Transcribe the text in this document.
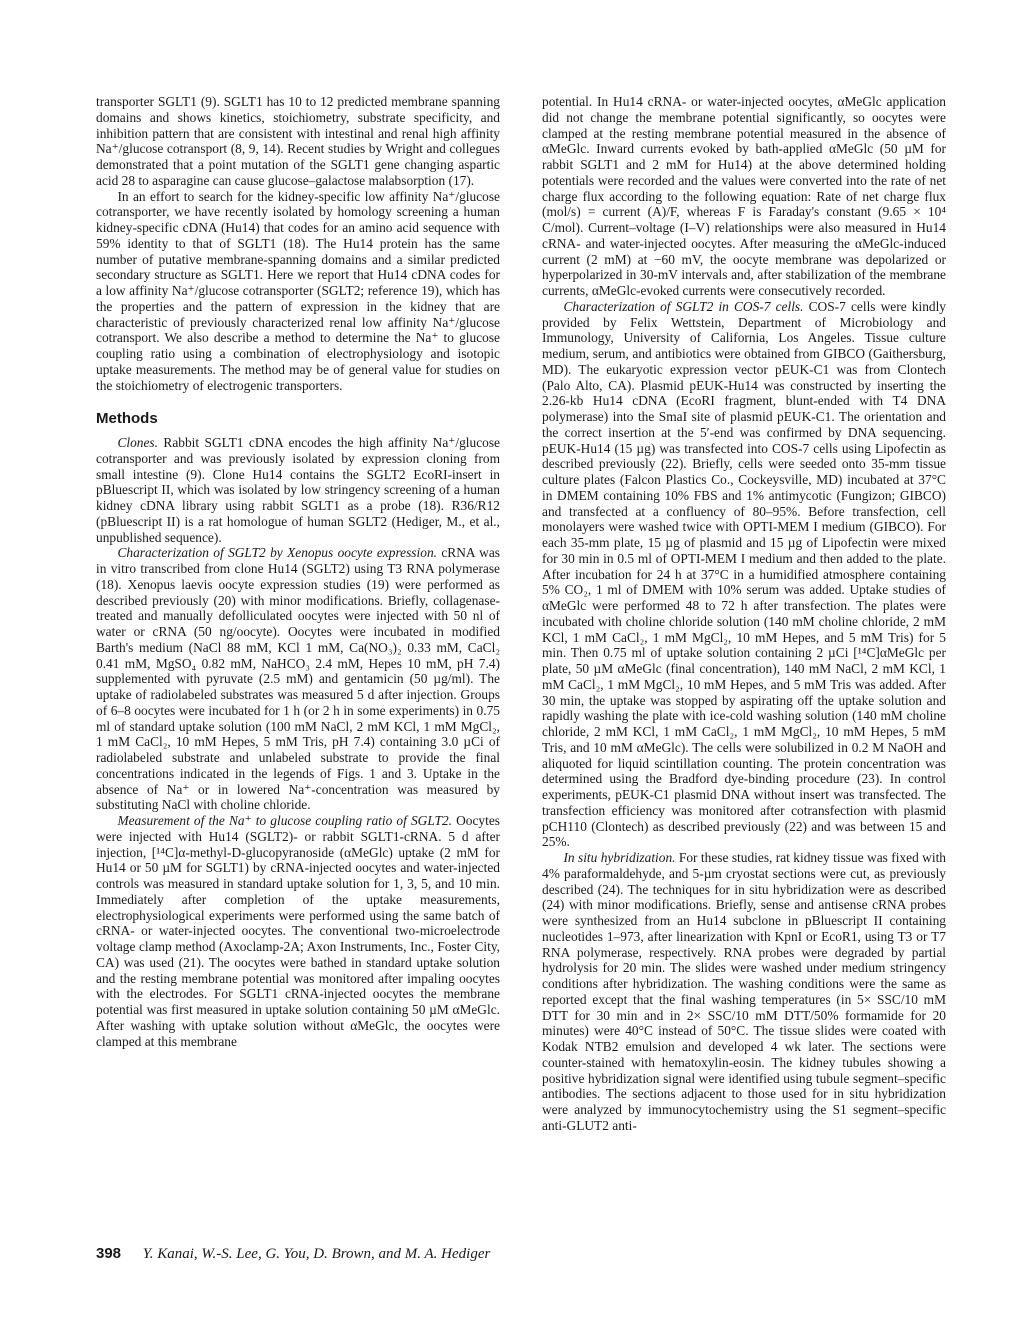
transporter SGLT1 (9). SGLT1 has 10 to 12 predicted membrane spanning domains and shows kinetics, stoichiometry, substrate specificity, and inhibition pattern that are consistent with intestinal and renal high affinity Na⁺/glucose cotransport (8, 9, 14). Recent studies by Wright and collegues demonstrated that a point mutation of the SGLT1 gene changing aspartic acid 28 to asparagine can cause glucose–galactose malabsorption (17).

In an effort to search for the kidney-specific low affinity Na⁺/glucose cotransporter, we have recently isolated by homology screening a human kidney-specific cDNA (Hu14) that codes for an amino acid sequence with 59% identity to that of SGLT1 (18). The Hu14 protein has the same number of putative membrane-spanning domains and a similar predicted secondary structure as SGLT1. Here we report that Hu14 cDNA codes for a low affinity Na⁺/glucose cotransporter (SGLT2; reference 19), which has the properties and the pattern of expression in the kidney that are characteristic of previously characterized renal low affinity Na⁺/glucose cotransport. We also describe a method to determine the Na⁺ to glucose coupling ratio using a combination of electrophysiology and isotopic uptake measurements. The method may be of general value for studies on the stoichiometry of electrogenic transporters.

Methods

Clones. Rabbit SGLT1 cDNA encodes the high affinity Na⁺/glucose cotransporter and was previously isolated by expression cloning from small intestine (9). Clone Hu14 contains the SGLT2 EcoRI-insert in pBluescript II, which was isolated by low stringency screening of a human kidney cDNA library using rabbit SGLT1 as a probe (18). R36/R12 (pBluescript II) is a rat homologue of human SGLT2 (Hediger, M., et al., unpublished sequence).

Characterization of SGLT2 by Xenopus oocyte expression. cRNA was in vitro transcribed from clone Hu14 (SGLT2) using T3 RNA polymerase (18). Xenopus laevis oocyte expression studies (19) were performed as described previously (20) with minor modifications. Briefly, collagenase-treated and manually defolliculated oocytes were injected with 50 nl of water or cRNA (50 ng/oocyte). Oocytes were incubated in modified Barth's medium (NaCl 88 mM, KCl 1 mM, Ca(NO₃)₂ 0.33 mM, CaCl₂ 0.41 mM, MgSO₄ 0.82 mM, NaHCO₃ 2.4 mM, Hepes 10 mM, pH 7.4) supplemented with pyruvate (2.5 mM) and gentamicin (50 µg/ml). The uptake of radiolabeled substrates was measured 5 d after injection. Groups of 6–8 oocytes were incubated for 1 h (or 2 h in some experiments) in 0.75 ml of standard uptake solution (100 mM NaCl, 2 mM KCl, 1 mM MgCl₂, 1 mM CaCl₂, 10 mM Hepes, 5 mM Tris, pH 7.4) containing 3.0 µCi of radiolabeled substrate and unlabeled substrate to provide the final concentrations indicated in the legends of Figs. 1 and 3. Uptake in the absence of Na⁺ or in lowered Na⁺-concentration was measured by substituting NaCl with choline chloride.

Measurement of the Na⁺ to glucose coupling ratio of SGLT2. Oocytes were injected with Hu14 (SGLT2)- or rabbit SGLT1-cRNA. 5 d after injection, [¹⁴C]α-methyl-D-glucopyranoside (αMeGlc) uptake (2 mM for Hu14 or 50 µM for SGLT1) by cRNA-injected oocytes and water-injected controls was measured in standard uptake solution for 1, 3, 5, and 10 min. Immediately after completion of the uptake measurements, electrophysiological experiments were performed using the same batch of cRNA- or water-injected oocytes. The conventional two-microelectrode voltage clamp method (Axoclamp-2A; Axon Instruments, Inc., Foster City, CA) was used (21). The oocytes were bathed in standard uptake solution and the resting membrane potential was monitored after impaling oocytes with the electrodes. For SGLT1 cRNA-injected oocytes the membrane potential was first measured in uptake solution containing 50 µM αMeGlc. After washing with uptake solution without αMeGlc, the oocytes were clamped at this membrane

potential. In Hu14 cRNA- or water-injected oocytes, αMeGlc application did not change the membrane potential significantly, so oocytes were clamped at the resting membrane potential measured in the absence of αMeGlc. Inward currents evoked by bath-applied αMeGlc (50 µM for rabbit SGLT1 and 2 mM for Hu14) at the above determined holding potentials were recorded and the values were converted into the rate of net charge flux according to the following equation: Rate of net charge flux (mol/s) = current (A)/F, whereas F is Faraday's constant (9.65 × 10⁴ C/mol). Current–voltage (I–V) relationships were also measured in Hu14 cRNA- and water-injected oocytes. After measuring the αMeGlc-induced current (2 mM) at −60 mV, the oocyte membrane was depolarized or hyperpolarized in 30-mV intervals and, after stabilization of the membrane currents, αMeGlc-evoked currents were consecutively recorded.

Characterization of SGLT2 in COS-7 cells. COS-7 cells were kindly provided by Felix Wettstein, Department of Microbiology and Immunology, University of California, Los Angeles. Tissue culture medium, serum, and antibiotics were obtained from GIBCO (Gaithersburg, MD). The eukaryotic expression vector pEUK-C1 was from Clontech (Palo Alto, CA). Plasmid pEUK-Hu14 was constructed by inserting the 2.26-kb Hu14 cDNA (EcoRI fragment, blunt-ended with T4 DNA polymerase) into the SmaI site of plasmid pEUK-C1. The orientation and the correct insertion at the 5′-end was confirmed by DNA sequencing. pEUK-Hu14 (15 µg) was transfected into COS-7 cells using Lipofectin as described previously (22). Briefly, cells were seeded onto 35-mm tissue culture plates (Falcon Plastics Co., Cockeysville, MD) incubated at 37°C in DMEM containing 10% FBS and 1% antimycotic (Fungizon; GIBCO) and transfected at a confluency of 80–95%. Before transfection, cell monolayers were washed twice with OPTI-MEM I medium (GIBCO). For each 35-mm plate, 15 µg of plasmid and 15 µg of Lipofectin were mixed for 30 min in 0.5 ml of OPTI-MEM I medium and then added to the plate. After incubation for 24 h at 37°C in a humidified atmosphere containing 5% CO₂, 1 ml of DMEM with 10% serum was added. Uptake studies of αMeGlc were performed 48 to 72 h after transfection. The plates were incubated with choline chloride solution (140 mM choline chloride, 2 mM KCl, 1 mM CaCl₂, 1 mM MgCl₂, 10 mM Hepes, and 5 mM Tris) for 5 min. Then 0.75 ml of uptake solution containing 2 µCi [¹⁴C]αMeGlc per plate, 50 µM αMeGlc (final concentration), 140 mM NaCl, 2 mM KCl, 1 mM CaCl₂, 1 mM MgCl₂, 10 mM Hepes, and 5 mM Tris was added. After 30 min, the uptake was stopped by aspirating off the uptake solution and rapidly washing the plate with ice-cold washing solution (140 mM choline chloride, 2 mM KCl, 1 mM CaCl₂, 1 mM MgCl₂, 10 mM Hepes, 5 mM Tris, and 10 mM αMeGlc). The cells were solubilized in 0.2 M NaOH and aliquoted for liquid scintillation counting. The protein concentration was determined using the Bradford dye-binding procedure (23). In control experiments, pEUK-C1 plasmid DNA without insert was transfected. The transfection efficiency was monitored after cotransfection with plasmid pCH110 (Clontech) as described previously (22) and was between 15 and 25%.

In situ hybridization. For these studies, rat kidney tissue was fixed with 4% paraformaldehyde, and 5-µm cryostat sections were cut, as previously described (24). The techniques for in situ hybridization were as described (24) with minor modifications. Briefly, sense and antisense cRNA probes were synthesized from an Hu14 subclone in pBluescript II containing nucleotides 1–973, after linearization with KpnI or EcoR1, using T3 or T7 RNA polymerase, respectively. RNA probes were degraded by partial hydrolysis for 20 min. The slides were washed under medium stringency conditions after hybridization. The washing conditions were the same as reported except that the final washing temperatures (in 5× SSC/10 mM DTT for 30 min and in 2× SSC/10 mM DTT/50% formamide for 20 minutes) were 40°C instead of 50°C. The tissue slides were coated with Kodak NTB2 emulsion and developed 4 wk later. The sections were counter-stained with hematoxylin-eosin. The kidney tubules showing a positive hybridization signal were identified using tubule segment–specific antibodies. The sections adjacent to those used for in situ hybridization were analyzed by immunocytochemistry using the S1 segment–specific anti-GLUT2 anti-

398 Y. Kanai, W.-S. Lee, G. You, D. Brown, and M. A. Hediger
